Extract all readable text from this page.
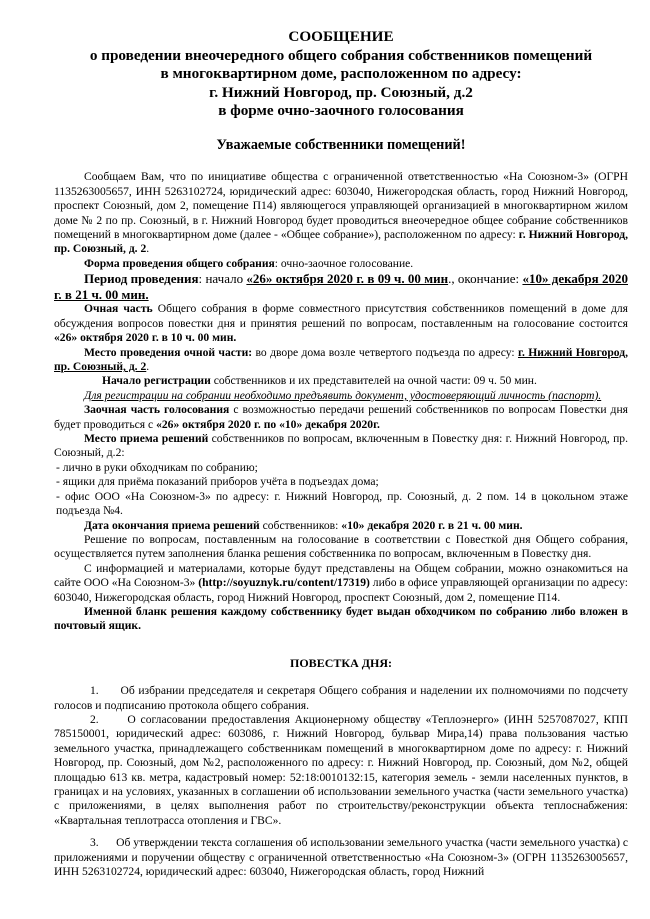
СООБЩЕНИЕ
о проведении внеочередного общего собрания собственников помещений
в многоквартирном доме, расположенном по адресу:
г. Нижний Новгород, пр. Союзный, д.2
в форме очно-заочного голосования
Уважаемые собственники помещений!

Сообщаем Вам, что по инициативе общества с ограниченной ответственностью «На Союзном-3» (ОГРН 1135263005657, ИНН 5263102724, юридический адрес: 603040, Нижегородская область, город Нижний Новгород, проспект Союзный, дом 2, помещение П14) являющегося управляющей организацией в многоквартирном жилом доме № 2 по пр. Союзный, в г. Нижний Новгород будет проводиться внеочередное общее собрание собственников помещений в многоквартирном доме (далее - «Общее собрание»), расположенном по адресу: г. Нижний Новгород, пр. Союзный, д. 2.

Форма проведения общего собрания: очно-заочное голосование.

Период проведения: начало «26» октября 2020 г. в 09 ч. 00 мин., окончание: «10» декабря 2020 г. в 21 ч. 00 мин.

Очная часть Общего собрания в форме совместного присутствия собственников помещений в доме для обсуждения вопросов повестки дня и принятия решений по вопросам, поставленным на голосование состоится «26» октября 2020 г. в 10 ч. 00 мин.

Место проведения очной части: во дворе дома возле четвертого подъезда по адресу: г. Нижний Новгород, пр. Союзный, д. 2.

Начало регистрации собственников и их представителей на очной части: 09 ч. 50 мин.

Для регистрации на собрании необходимо предъявить документ, удостоверяющий личность (паспорт).

Заочная часть голосования с возможностью передачи решений собственников по вопросам Повестки дня будет проводиться с «26» октября 2020 г. по «10» декабря 2020г.

Место приема решений собственников по вопросам, включенным в Повестку дня: г. Нижний Новгород, пр. Союзный, д.2:

- лично в руки обходчикам по собранию;

- ящики для приёма показаний приборов учёта в подъездах дома;

- офис ООО «На Союзном-3» по адресу: г. Нижний Новгород, пр. Союзный, д. 2 пом. 14 в цокольном этаже подъезда №4.

Дата окончания приема решений собственников: «10» декабря 2020 г. в 21 ч. 00 мин.

Решение по вопросам, поставленным на голосование в соответствии с Повесткой дня Общего собрания, осуществляется путем заполнения бланка решения собственника по вопросам, включенным в Повестку дня.

С информацией и материалами, которые будут представлены на Общем собрании, можно ознакомиться на сайте ООО «На Союзном-3» (http://soyuznyk.ru/content/17319) либо в офисе управляющей организации по адресу: 603040, Нижегородская область, город Нижний Новгород, проспект Союзный, дом 2, помещение П14.

Именной бланк решения каждому собственнику будет выдан обходчиком по собранию либо вложен в почтовый ящик.

ПОВЕСТКА ДНЯ:

1.      Об избрании председателя и секретаря Общего собрания и наделении их полномочиями по подсчету голосов и подписанию протокола общего собрания.

2.      О согласовании предоставления Акционерному обществу «Теплоэнерго» (ИНН 5257087027, КПП 785150001, юридический адрес: 603086, г. Нижний Новгород, бульвар Мира,14) права пользования частью земельного участка, принадлежащего собственникам помещений в многоквартирном доме по адресу: г. Нижний Новгород, пр. Союзный, дом №2, расположенного по адресу: г. Нижний Новгород, пр. Союзный, дом №2, общей площадью 613 кв. метра, кадастровый номер: 52:18:0010132:15, категория земель - земли населенных пунктов, в границах и на условиях, указанных в соглашении об использовании земельного участка (части земельного участка) с приложениями, в целях выполнения работ по строительству/реконструкции объекта теплоснабжения: «Квартальная теплотрасса отопления и ГВС».

3.      Об утверждении текста соглашения об использовании земельного участка (части земельного участка) с приложениями и поручении обществу с ограниченной ответственностью «На Союзном-3» (ОГРН 1135263005657, ИНН 5263102724, юридический адрес: 603040, Нижегородская область, город Нижний
